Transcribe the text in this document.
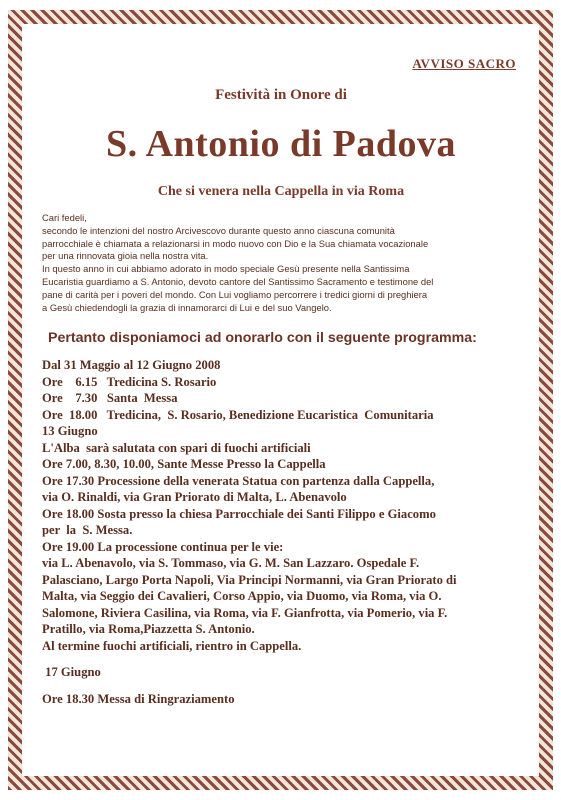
AVVISO SACRO
Festività in Onore di
S. Antonio di Padova
Che si venera nella Cappella in via Roma

Cari fedeli,

secondo le intenzioni del nostro Arcivescovo durante questo anno ciascuna comunità

parrocchiale è chiamata a relazionarsi in modo nuovo con Dio e la Sua chiamata vocazionale

per una rinnovata gioia nella nostra vita.

In questo anno in cui abbiamo adorato in modo speciale Gesù presente nella Santissima

Eucaristia guardiamo a S. Antonio, devoto cantore del Santissimo Sacramento e testimone del

pane di carità per i poveri del mondo. Con Lui vogliamo percorrere i tredici giorni di preghiera

a Gesù chiedendogli la grazia di innamorarci di Lui e del suo Vangelo.

Pertanto disponiamoci ad onorarlo con il seguente programma:
Dal 31 Maggio al 12 Giugno 2008
Ore    6.15   Tredicina S. Rosario
Ore    7.30   Santa  Messa
Ore  18.00   Tredicina,  S. Rosario, Benedizione Eucaristica  Comunitaria
13 Giugno
L'Alba  sarà salutata con spari di fuochi artificiali
Ore 7.00, 8.30, 10.00, Sante Messe Presso la Cappella
Ore 17.30 Processione della venerata Statua con partenza dalla Cappella,
via O. Rinaldi, via Gran Priorato di Malta, L. Abenavolo
Ore 18.00 Sosta presso la chiesa Parrocchiale dei Santi Filippo e Giacomo
per  la  S. Messa.
Ore 19.00 La processione continua per le vie:
via L. Abenavolo, via S. Tommaso, via G. M. San Lazzaro. Ospedale F.
Palasciano, Largo Porta Napoli, Via Principi Normanni, via Gran Priorato di
Malta, via Seggio dei Cavalieri, Corso Appio, via Duomo, via Roma, via O.
Salomone, Riviera Casilina, via Roma, via F. Gianfrotta, via Pomerio, via F.
Pratillo, via Roma,Piazzetta S. Antonio.
Al termine fuochi artificiali, rientro in Cappella.
17 Giugno
Ore 18.30 Messa di Ringraziamento
